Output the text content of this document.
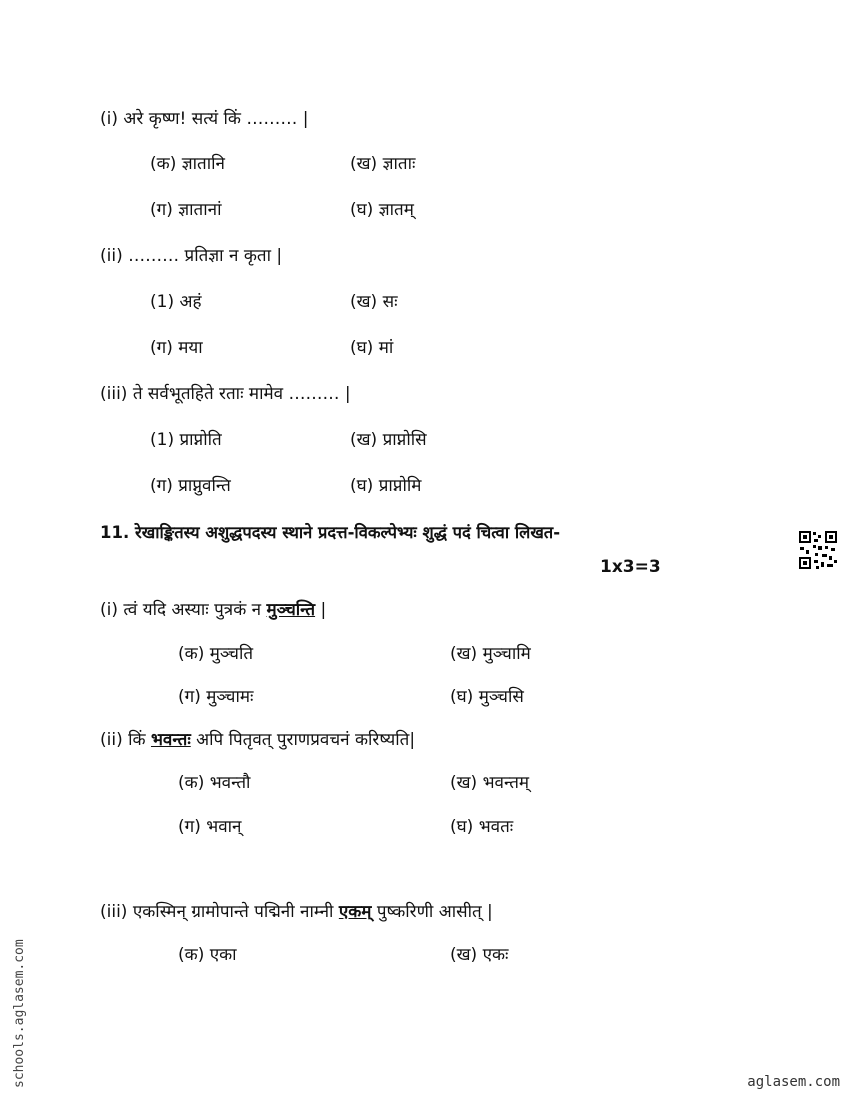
(i) अरे कृष्ण! सत्यं किं ……… |
(क) ज्ञातानि	(ख) ज्ञाताः
(ग) ज्ञातानां	(घ) ज्ञातम्
(ii) ……… प्रतिज्ञा न कृता |
(1) अहं	(ख) सः
(ग) मया	(घ) मां
(iii) ते सर्वभूतहिते रताः मामेव ……… |
(1) प्राप्नोति	(ख) प्राप्नोसि
(ग) प्राप्नुवन्ति	(घ) प्राप्नोमि
11. रेखाङ्कितस्य अशुद्धपदस्य स्थाने प्रदत्त-विकल्पेभ्यः शुद्धं पदं चित्वा लिखत-
1x3=3
(i) त्वं यदि अस्याः पुत्रकं न मुञ्चन्ति |
(क) मुञ्चति	(ख) मुञ्चामि
(ग) मुञ्चामः	(घ) मुञ्चसि
(ii) किं भवन्तः अपि पितृवत् पुराणप्रवचनं करिष्यति|
(क) भवन्तौ	(ख) भवन्तम्
(ग) भवान्	(घ) भवतः
(iii) एकस्मिन् ग्रामोपान्ते पद्मिनी नाम्नी एकम् पुष्करिणी आसीत् |
(क) एका	(ख) एकः
schools.aglasem.com	aglasem.com
